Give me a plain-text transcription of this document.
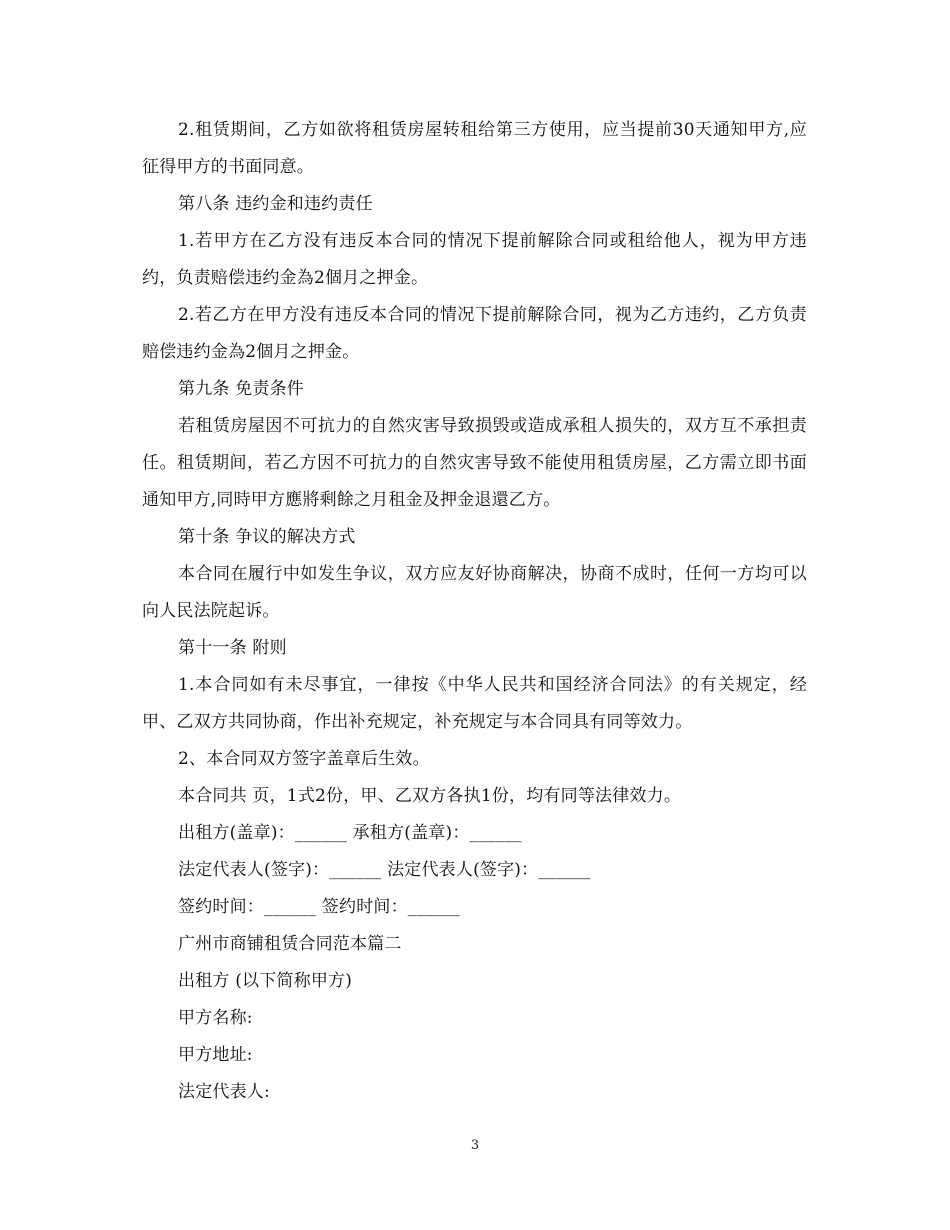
2.租赁期间，乙方如欲将租赁房屋转租给第三方使用，应当提前30天通知甲方,应征得甲方的书面同意。

第八条 违约金和违约责任

1.若甲方在乙方没有违反本合同的情况下提前解除合同或租给他人，视为甲方违约，负责赔偿违约金為2個月之押金。

2.若乙方在甲方没有违反本合同的情况下提前解除合同，视为乙方违约，乙方负责赔偿违约金為2個月之押金。

第九条 免责条件

若租赁房屋因不可抗力的自然灾害导致损毁或造成承租人损失的，双方互不承担责任。租赁期间，若乙方因不可抗力的自然灾害导致不能使用租赁房屋，乙方需立即书面通知甲方,同時甲方應將剩餘之月租金及押金退還乙方。

第十条 争议的解决方式

本合同在履行中如发生争议，双方应友好协商解决，协商不成时，任何一方均可以向人民法院起诉。

第十一条 附则

1.本合同如有未尽事宜，一律按《中华人民共和国经济合同法》的有关规定，经甲、乙双方共同协商，作出补充规定，补充规定与本合同具有同等效力。

2、本合同双方签字盖章后生效。

本合同共 页，1式2份，甲、乙双方各执1份，均有同等法律效力。

出租方(盖章)：______ 承租方(盖章)：______

法定代表人(签字)：______ 法定代表人(签字)：______

签约时间：______ 签约时间：______

广州市商铺租赁合同范本篇二

出租方 (以下简称甲方)

甲方名称:

甲方地址:

法定代表人:

3
